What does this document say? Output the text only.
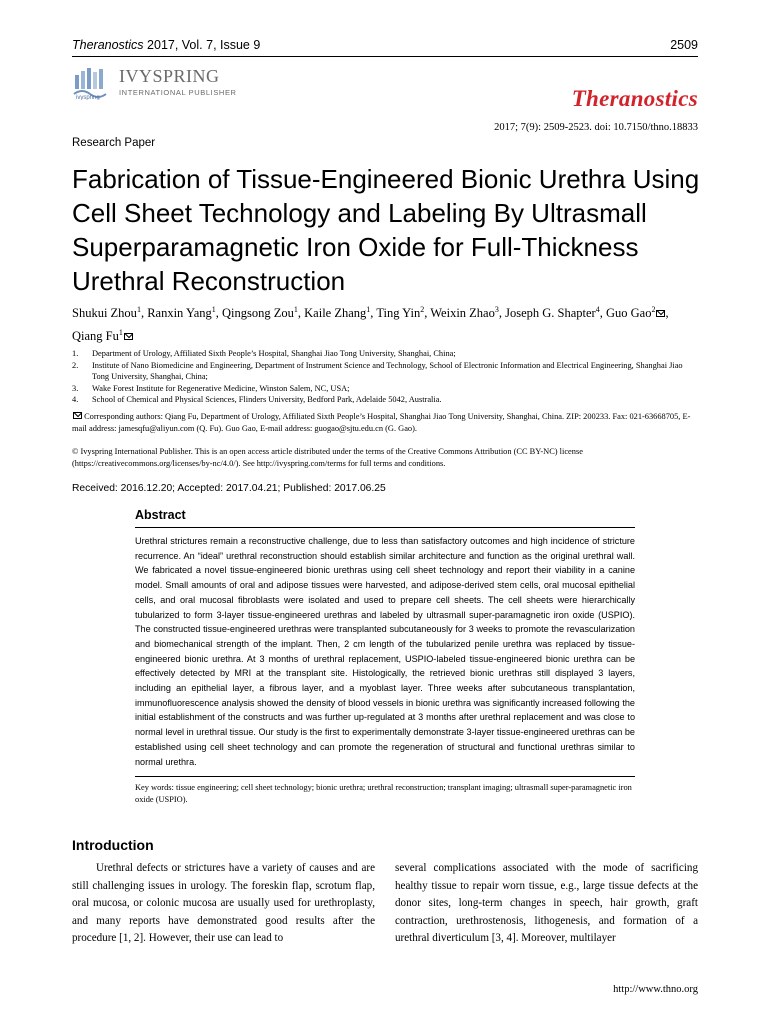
Theranostics 2017, Vol. 7, Issue 9	2509
ivyspring
IVYSPRING
INTERNATIONAL PUBLISHER	Theranostics
2017; 7(9): 2509-2523. doi: 10.7150/thno.18833
Research Paper
Fabrication of Tissue-Engineered Bionic Urethra Using Cell Sheet Technology and Labeling By Ultrasmall Superparamagnetic Iron Oxide for Full-Thickness Urethral Reconstruction
Shukui Zhou$^1$, Ranxin Yang$^1$, Qingsong Zou$^1$, Kaile Zhang$^1$, Ting Yin$^2$, Weixin Zhao$^3$, Joseph G. Shapter$^4$, Guo Gao$^2$ , Qiang Fu$^1$
1. Department of Urology, Affiliated Sixth People’s Hospital, Shanghai Jiao Tong University, Shanghai, China;
2. Institute of Nano Biomedicine and Engineering, Department of Instrument Science and Technology, School of Electronic Information and Electrical Engineering, Shanghai Jiao Tong University, Shanghai, China;
3. Wake Forest Institute for Regenerative Medicine, Winston Salem, NC, USA;
4. School of Chemical and Physical Sciences, Flinders University, Bedford Park, Adelaide 5042, Australia.
Corresponding authors: Qiang Fu, Department of Urology, Affiliated Sixth People’s Hospital, Shanghai Jiao Tong University, Shanghai, China. ZIP: 200233. Fax: 021-63668705, E-mail address: jamesqfu@aliyun.com (Q. Fu). Guo Gao, E-mail address: guogao@sjtu.edu.cn (G. Gao).
© Ivyspring International Publisher. This is an open access article distributed under the terms of the Creative Commons Attribution (CC BY-NC) license (https://creativecommons.org/licenses/by-nc/4.0/). See http://ivyspring.com/terms for full terms and conditions.
Received: 2016.12.20; Accepted: 2017.04.21; Published: 2017.06.25
Abstract
Urethral strictures remain a reconstructive challenge, due to less than satisfactory outcomes and high incidence of stricture recurrence. An “ideal” urethral reconstruction should establish similar architecture and function as the original urethral wall. We fabricated a novel tissue-engineered bionic urethras using cell sheet technology and report their viability in a canine model. Small amounts of oral and adipose tissues were harvested, and adipose-derived stem cells, oral mucosal epithelial cells, and oral mucosal fibroblasts were isolated and used to prepare cell sheets. The cell sheets were hierarchically tubularized to form 3-layer tissue-engineered urethras and labeled by ultrasmall super-paramagnetic iron oxide (USPIO). The constructed tissue-engineered urethras were transplanted subcutaneously for 3 weeks to promote the revascularization and biomechanical strength of the implant. Then, 2 cm length of the tubularized penile urethra was replaced by tissue-engineered bionic urethra. At 3 months of urethral replacement, USPIO-labeled tissue-engineered bionic urethra can be effectively detected by MRI at the transplant site. Histologically, the retrieved bionic urethras still displayed 3 layers, including an epithelial layer, a fibrous layer, and a myoblast layer. Three weeks after subcutaneous transplantation, immunofluorescence analysis showed the density of blood vessels in bionic urethra was significantly increased following the initial establishment of the constructs and was further up-regulated at 3 months after urethral replacement and was close to normal level in urethral tissue. Our study is the first to experimentally demonstrate 3-layer tissue-engineered urethras can be established using cell sheet technology and can promote the regeneration of structural and functional urethras similar to normal urethra.
Key words: tissue engineering; cell sheet technology; bionic urethra; urethral reconstruction; transplant imaging; ultrasmall super-paramagnetic iron oxide (USPIO).
Introduction
Urethral defects or strictures have a variety of causes and are still challenging issues in urology. The foreskin flap, scrotum flap, oral mucosa, or colonic mucosa are usually used for urethroplasty, and many reports have demonstrated good results after the procedure [1, 2]. However, their use can lead to
several complications associated with the mode of sacrificing healthy tissue to repair worn tissue, e.g., large tissue defects at the donor sites, long-term changes in speech, hair growth, graft contraction, urethrostenosis, lithogenesis, and formation of a urethral diverticulum [3, 4]. Moreover, multilayer
http://www.thno.org
